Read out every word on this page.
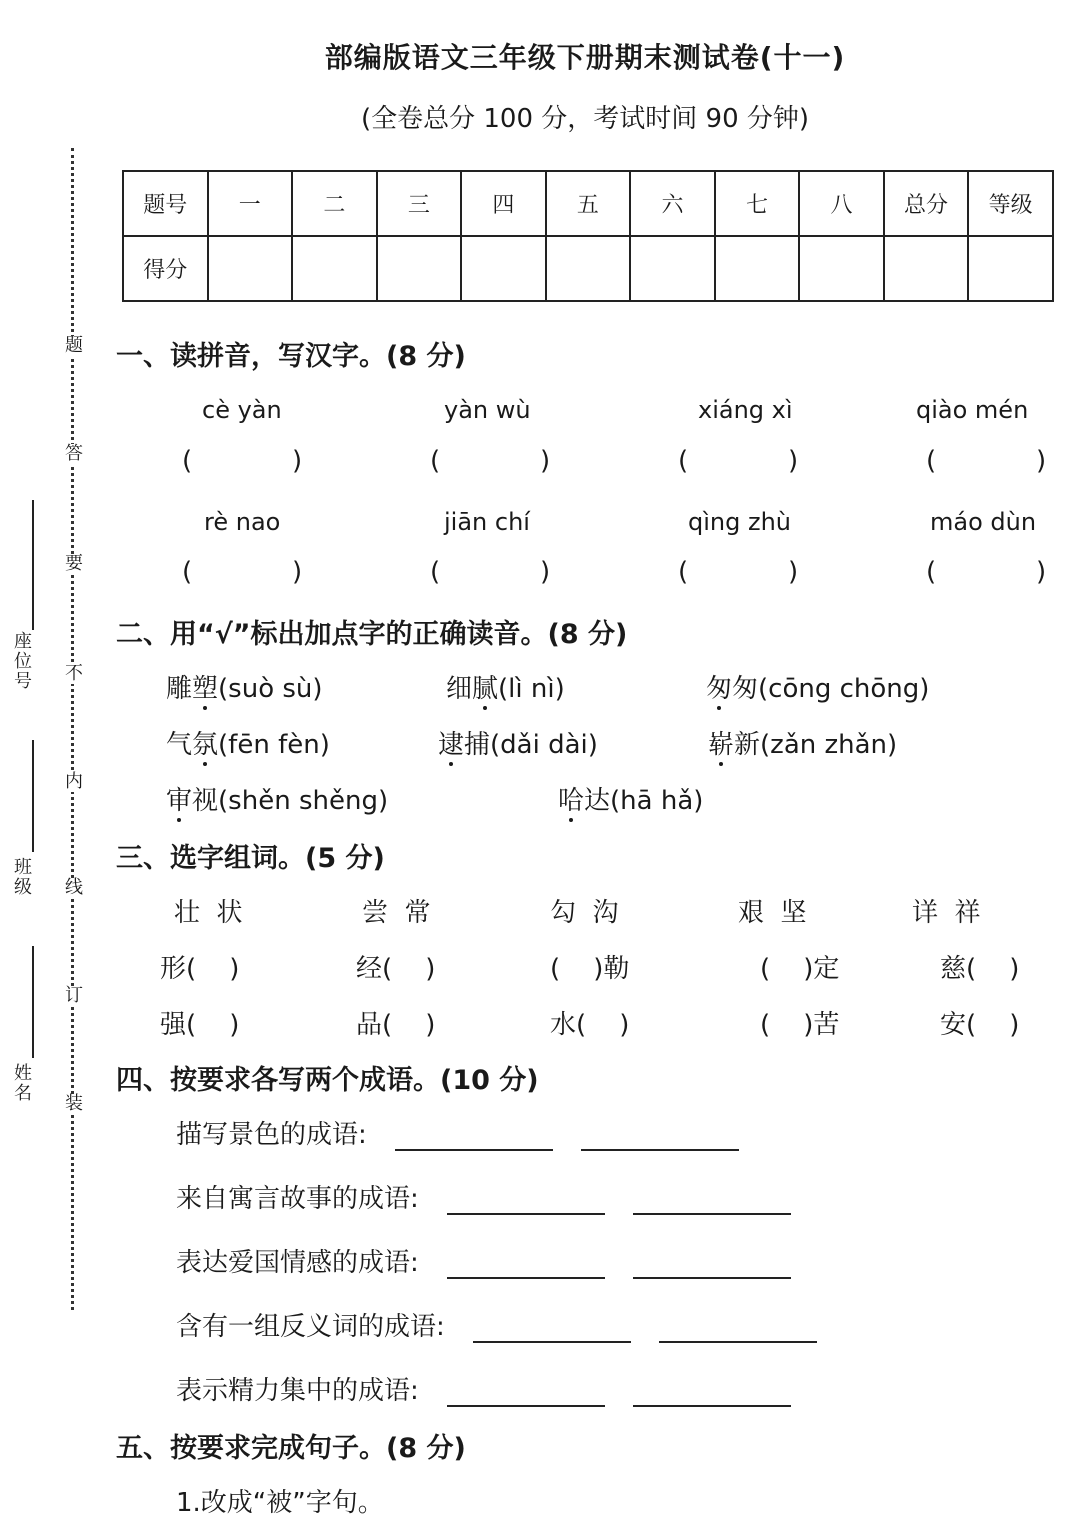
部编版语文三年级下册期末测试卷(十一)
(全卷总分 100 分，考试时间 90 分钟)
题
答
要
不
内
线
订
装
座位号
班级
姓名
题号	一	二	三	四	五	六	七	八	总分	等级
得分										
一、读拼音，写汉字。(8 分)
cè yàn	yàn wù	xiáng xì	qiào mén
(	)	(	)	(	)	(	)
rè nao	jiān chí	qìng zhù	máo dùn
(	)	(	)	(	)	(	)
二、用“√”标出加点字的正确读音。(8 分)
雕塑(suò sù)	细腻(lì nì)	匆匆(cōng chōng)
气氛(fēn fèn)	逮捕(dǎi dài)	崭新(zǎn zhǎn)
审视(shěn shěng)	哈达(hā hǎ)
三、选字组词。(5 分)
壮  状	尝  常	勾  沟	艰  坚	详  祥
形(    )	经(    )	(    )勒	(    )定	慈(    )
强(    )	品(    )	水(    )	(    )苦	安(    )
四、按要求各写两个成语。(10 分)
描写景色的成语:
来自寓言故事的成语:
表达爱国情感的成语:
含有一组反义词的成语:
表示精力集中的成语:
五、按要求完成句子。(8 分)
1.改成“被”字句。
